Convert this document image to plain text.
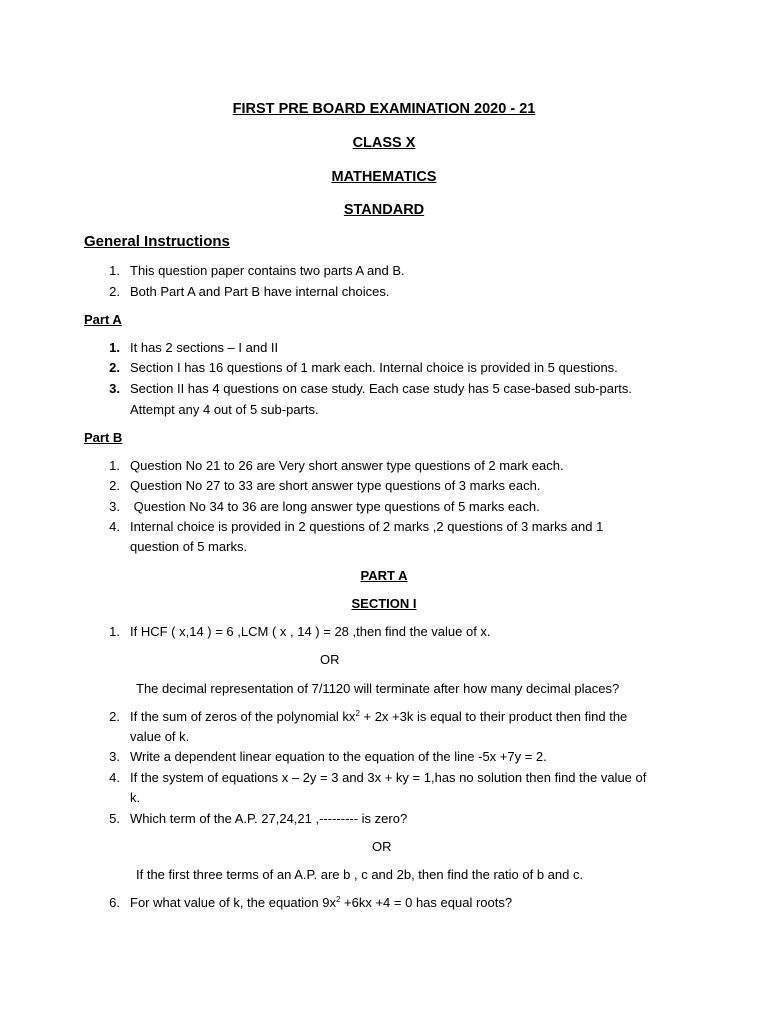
FIRST PRE BOARD EXAMINATION 2020 - 21
CLASS X
MATHEMATICS
STANDARD
General Instructions
1. This question paper contains two parts A and B.
2. Both Part A and Part B have internal choices.
Part A
1. It has 2 sections – I and II
2. Section I has 16 questions of 1 mark each. Internal choice is provided in 5 questions.
3. Section II has 4 questions on case study. Each case study has 5 case-based sub-parts.
Attempt any 4 out of 5 sub-parts.
Part B
1. Question No 21 to 26 are Very short answer type questions of 2 mark each.
2. Question No 27 to 33 are short answer type questions of 3 marks each.
3. Question No 34 to 36 are long answer type questions of 5 marks each.
4. Internal choice is provided in 2 questions of 2 marks ,2 questions of 3 marks and 1
question of 5 marks.
PART A
SECTION I
1. If HCF ( x,14 ) = 6 ,LCM ( x , 14 ) = 28 ,then find the value of x.
OR
The decimal representation of 7/1120 will terminate after how many decimal places?
2. If the sum of zeros of the polynomial $kx^2 + 2x +3k$ is equal to their product then find the
value of k.
3. Write a dependent linear equation to the equation of the line -5x +7y = 2.
4. If the system of equations x – 2y = 3 and 3x + ky = 1,has no solution then find the value of
k.
5. Which term of the A.P. 27,24,21 ,--------- is zero?
OR
If the first three terms of an A.P. are b , c and 2b, then find the ratio of b and c.
6. For what value of k, the equation $9x^2 +6kx +4 = 0$ has equal roots?
